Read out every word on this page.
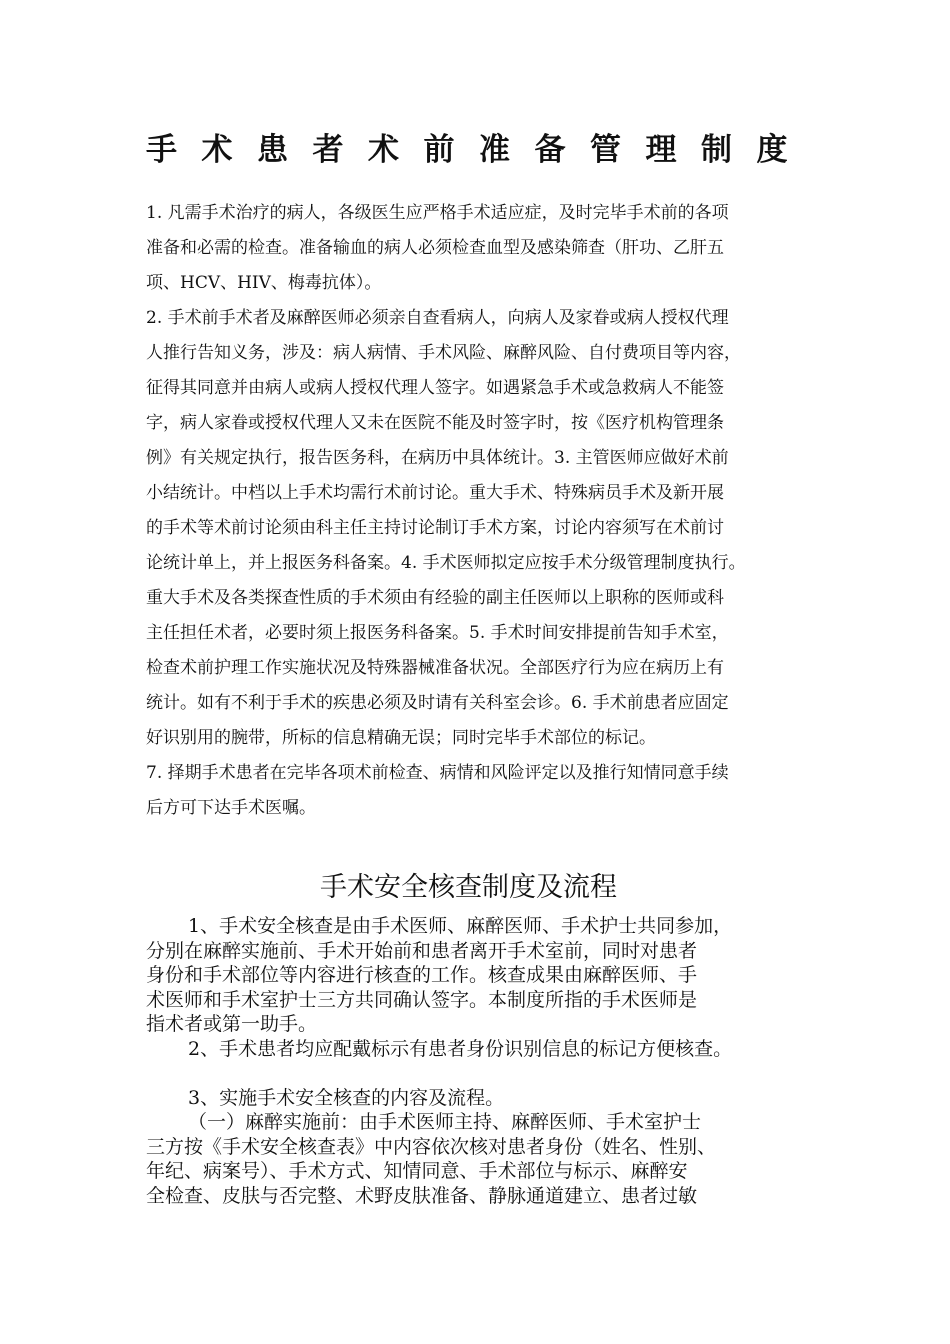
手术患者术前准备管理制度
1. 凡需手术治疗的病人，各级医生应严格手术适应症，及时完毕手术前的各项
准备和必需的检查。准备输血的病人必须检查血型及感染筛查（肝功、乙肝五
项、HCV、HIV、梅毒抗体）。
2. 手术前手术者及麻醉医师必须亲自查看病人，向病人及家眷或病人授权代理
人推行告知义务，涉及：病人病情、手术风险、麻醉风险、自付费项目等内容，
征得其同意并由病人或病人授权代理人签字。如遇紧急手术或急救病人不能签
字，病人家眷或授权代理人又未在医院不能及时签字时，按《医疗机构管理条
例》有关规定执行，报告医务科，在病历中具体统计。3. 主管医师应做好术前
小结统计。中档以上手术均需行术前讨论。重大手术、特殊病员手术及新开展
的手术等术前讨论须由科主任主持讨论制订手术方案，讨论内容须写在术前讨
论统计单上，并上报医务科备案。4. 手术医师拟定应按手术分级管理制度执行。
重大手术及各类探查性质的手术须由有经验的副主任医师以上职称的医师或科
主任担任术者，必要时须上报医务科备案。5. 手术时间安排提前告知手术室，
检查术前护理工作实施状况及特殊器械准备状况。全部医疗行为应在病历上有
统计。如有不利于手术的疾患必须及时请有关科室会诊。6. 手术前患者应固定
好识别用的腕带，所标的信息精确无误；同时完毕手术部位的标记。
7. 择期手术患者在完毕各项术前检查、病情和风险评定以及推行知情同意手续
后方可下达手术医嘱。
手术安全核查制度及流程
1、手术安全核查是由手术医师、麻醉医师、手术护士共同参加，
分别在麻醉实施前、手术开始前和患者离开手术室前，同时对患者
身份和手术部位等内容进行核查的工作。核查成果由麻醉医师、手
术医师和手术室护士三方共同确认签字。本制度所指的手术医师是
指术者或第一助手。
2、手术患者均应配戴标示有患者身份识别信息的标记方便核查。
3、实施手术安全核查的内容及流程。
（一）麻醉实施前：由手术医师主持、麻醉医师、手术室护士
三方按《手术安全核查表》中内容依次核对患者身份（姓名、性别、
年纪、病案号）、手术方式、知情同意、手术部位与标示、麻醉安
全检查、皮肤与否完整、术野皮肤准备、静脉通道建立、患者过敏
